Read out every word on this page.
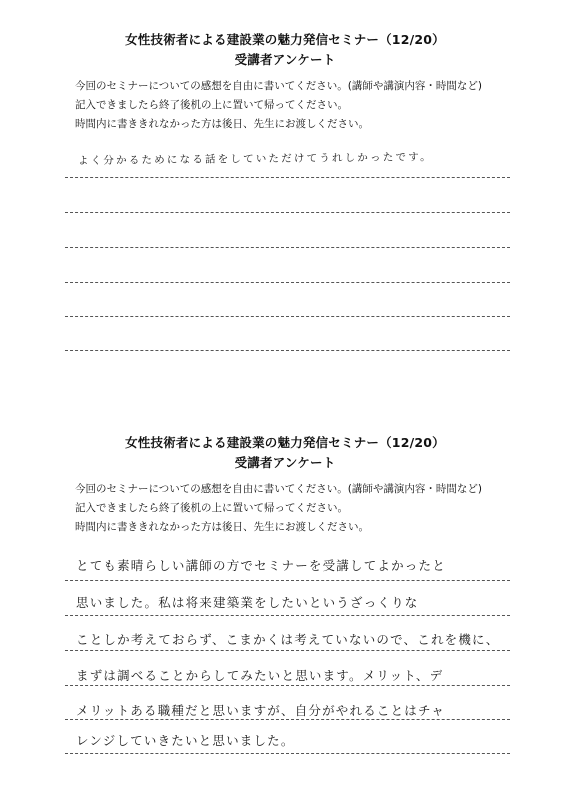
女性技術者による建設業の魅力発信セミナー（12/20）
受講者アンケート
今回のセミナーについての感想を自由に書いてください。(講師や講演内容・時間など)
記入できましたら終了後机の上に置いて帰ってください。
時間内に書ききれなかった方は後日、先生にお渡しください。
よく分かるためになる話をしていただけてうれしかったです。
女性技術者による建設業の魅力発信セミナー（12/20）
受講者アンケート
今回のセミナーについての感想を自由に書いてください。(講師や講演内容・時間など)
記入できましたら終了後机の上に置いて帰ってください。
時間内に書ききれなかった方は後日、先生にお渡しください。
とても素晴らしい講師の方でセミナーを受講してよかったと
思いました。私は将来建築業をしたいというざっくりな
ことしか考えておらず、こまかくは考えていないので、これを機に、
まずは調べることからしてみたいと思います。メリット、デ
メリットある職種だと思いますが、自分がやれることはチャ
レンジしていきたいと思いました。
